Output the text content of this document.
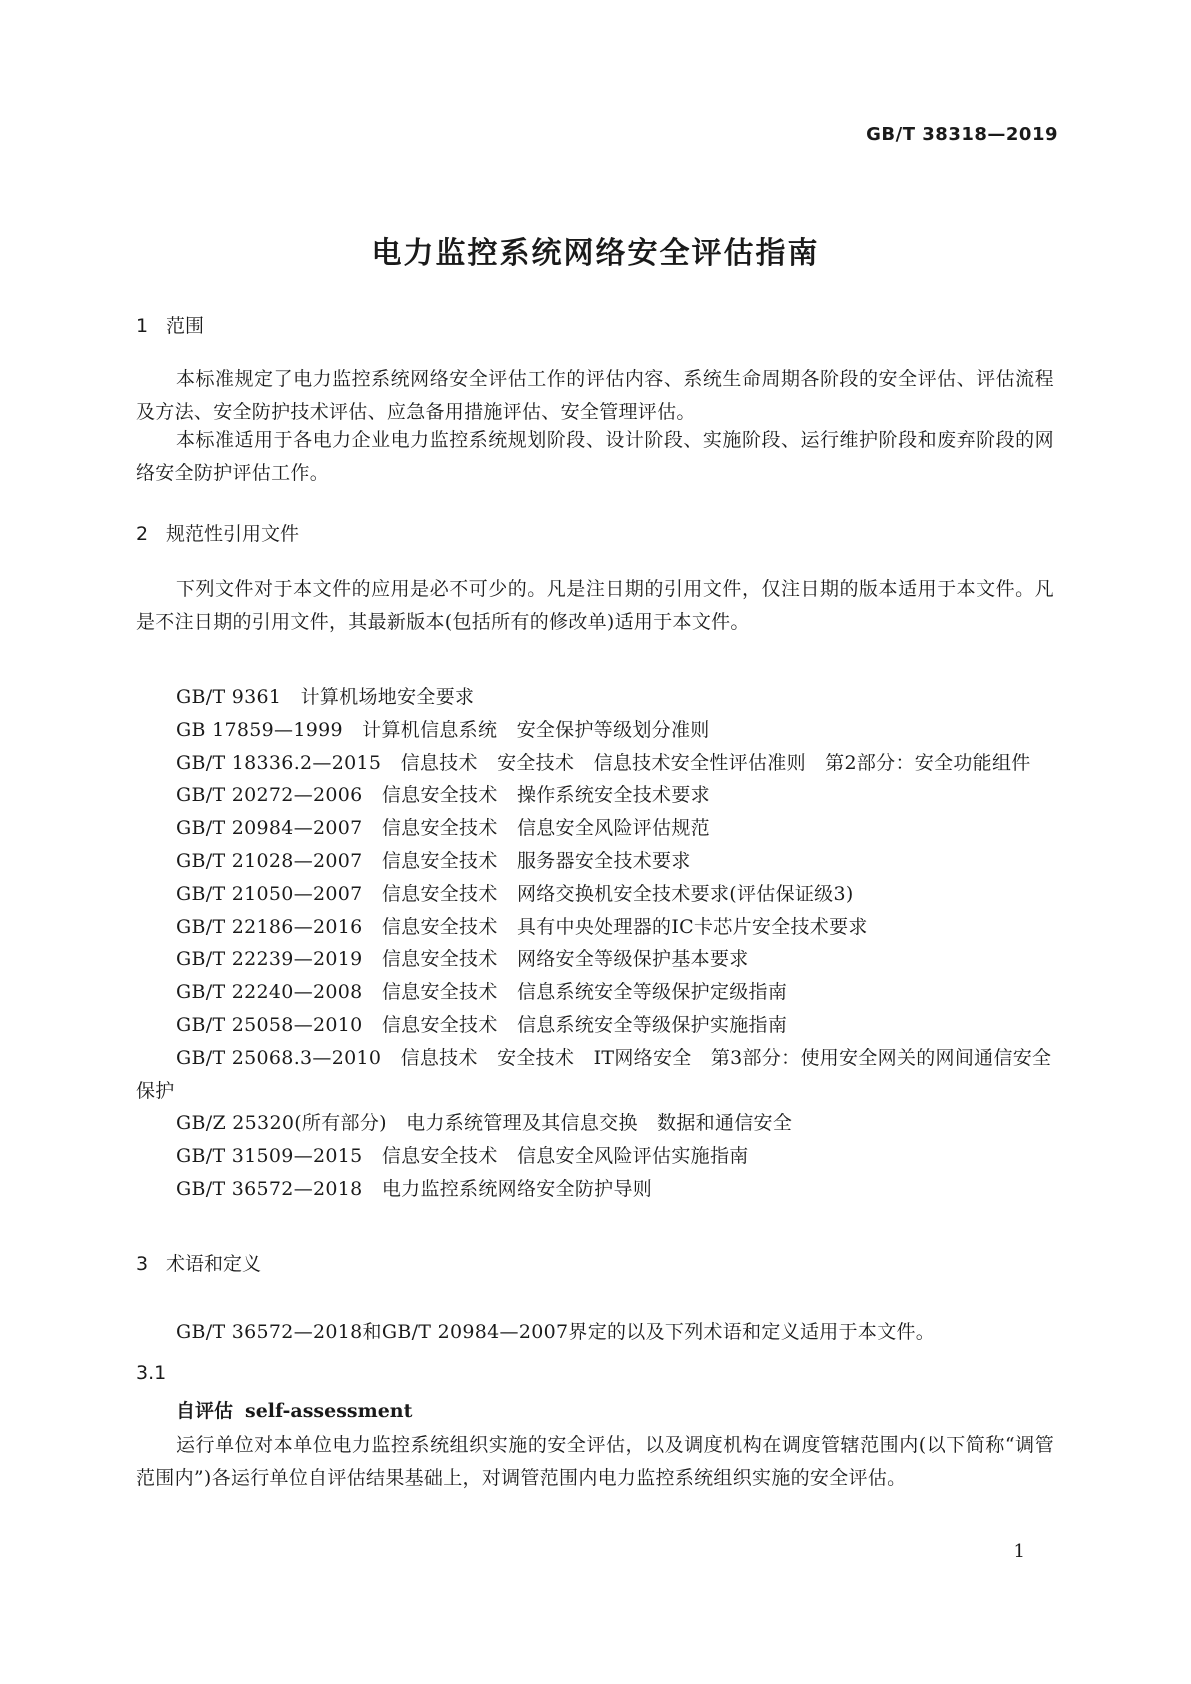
GB/T 38318—2019
电力监控系统网络安全评估指南
1 范围

本标准规定了电力监控系统网络安全评估工作的评估内容、系统生命周期各阶段的安全评估、评估流程及方法、安全防护技术评估、应急备用措施评估、安全管理评估。

本标准适用于各电力企业电力监控系统规划阶段、设计阶段、实施阶段、运行维护阶段和废弃阶段的网络安全防护评估工作。

2 规范性引用文件

下列文件对于本文件的应用是必不可少的。凡是注日期的引用文件，仅注日期的版本适用于本文件。凡是不注日期的引用文件，其最新版本(包括所有的修改单)适用于本文件。

GB/T 9361　计算机场地安全要求
GB 17859—1999　计算机信息系统　安全保护等级划分准则
GB/T 18336.2—2015　信息技术　安全技术　信息技术安全性评估准则　第2部分：安全功能组件
GB/T 20272—2006　信息安全技术　操作系统安全技术要求
GB/T 20984—2007　信息安全技术　信息安全风险评估规范
GB/T 21028—2007　信息安全技术　服务器安全技术要求
GB/T 21050—2007　信息安全技术　网络交换机安全技术要求(评估保证级3)
GB/T 22186—2016　信息安全技术　具有中央处理器的IC卡芯片安全技术要求
GB/T 22239—2019　信息安全技术　网络安全等级保护基本要求
GB/T 22240—2008　信息安全技术　信息系统安全等级保护定级指南
GB/T 25058—2010　信息安全技术　信息系统安全等级保护实施指南
GB/T 25068.3—2010　信息技术　安全技术　IT网络安全　第3部分：使用安全网关的网间通信安全保护
GB/Z 25320(所有部分)　电力系统管理及其信息交换　数据和通信安全
GB/T 31509—2015　信息安全技术　信息安全风险评估实施指南
GB/T 36572—2018　电力监控系统网络安全防护导则
3 术语和定义

GB/T 36572—2018和GB/T 20984—2007界定的以及下列术语和定义适用于本文件。

3.1
自评估 self-assessment

运行单位对本单位电力监控系统组织实施的安全评估，以及调度机构在调度管辖范围内(以下简称“调管范围内”)各运行单位自评估结果基础上，对调管范围内电力监控系统组织实施的安全评估。

1
